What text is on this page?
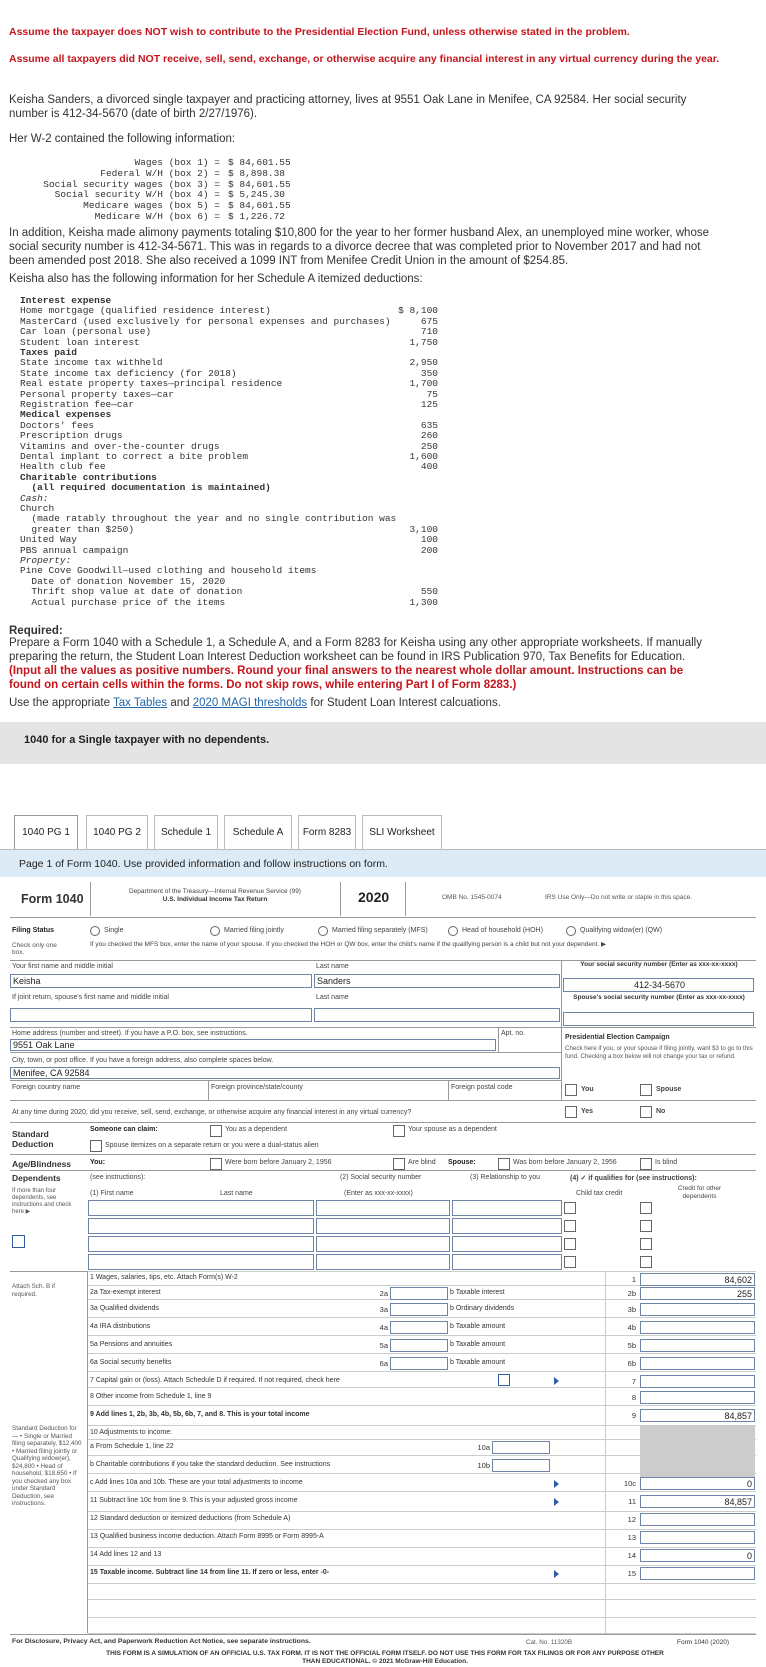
Assume the taxpayer does NOT wish to contribute to the Presidential Election Fund, unless otherwise stated in the problem.
Assume all taxpayers did NOT receive, sell, send, exchange, or otherwise acquire any financial interest in any virtual currency during the year.
Keisha Sanders, a divorced single taxpayer and practicing attorney, lives at 9551 Oak Lane in Menifee, CA 92584. Her social security number is 412-34-5670 (date of birth 2/27/1976).
Her W-2 contained the following information:
Wages (box 1) = $ 84,601.55
Federal W/H (box 2) = $ 8,898.38
Social security wages (box 3) = $ 84,601.55
Social security W/H (box 4) = $ 5,245.30
Medicare wages (box 5) = $ 84,601.55
Medicare W/H (box 6) = $ 1,226.72
In addition, Keisha made alimony payments totaling $10,800 for the year to her former husband Alex, an unemployed mine worker, whose social security number is 412-34-5671. This was in regards to a divorce decree that was completed prior to November 2017 and had not been amended post 2018. She also received a 1099 INT from Menifee Credit Union in the amount of $254.85.
Keisha also has the following information for her Schedule A itemized deductions:
Interest expense
Home mortgage (qualified residence interest)	$ 8,100
MasterCard (used exclusively for personal expenses and purchases)	675
Car loan (personal use)	710
Student loan interest	1,750
Taxes paid
State income tax withheld	2,950
State income tax deficiency (for 2018)	350
Real estate property taxes—principal residence	1,700
Personal property taxes—car	75
Registration fee—car	125
Medical expenses
Doctors' fees	635
Prescription drugs	260
Vitamins and over-the-counter drugs	250
Dental implant to correct a bite problem	1,600
Health club fee	400
Charitable contributions
(all required documentation is maintained)
Cash:
Church
(made ratably throughout the year and no single contribution was
greater than $250)	3,100
United Way	100
PBS annual campaign	200
Property:
Pine Cove Goodwill—used clothing and household items
Date of donation November 15, 2020
Thrift shop value at date of donation	550
Actual purchase price of the items	1,300
Required:
Prepare a Form 1040 with a Schedule 1, a Schedule A, and a Form 8283 for Keisha using any other appropriate worksheets. If manually preparing the return, the Student Loan Interest Deduction worksheet can be found in IRS Publication 970, Tax Benefits for Education. (Input all the values as positive numbers. Round your final answers to the nearest whole dollar amount. Instructions can be found on certain cells within the forms. Do not skip rows, while entering Part I of Form 8283.)
Use the appropriate Tax Tables and 2020 MAGI thresholds for Student Loan Interest calcuations.
1040 for a Single taxpayer with no dependents.
1040 PG 1	1040 PG 2	Schedule 1	Schedule A	Form 8283	SLI Worksheet
Page 1 of Form 1040. Use provided information and follow instructions on form.
Form 1040
Department of the Treasury—Internal Revenue Service (99)
U.S. Individual Income Tax Return	2020	OMB No. 1545-0074	IRS Use Only—Do not write or staple in this space.
Filing Status
Check only one box.
Single	Married filing jointly	Married filing separately (MFS)	Head of household (HOH)	Qualifying widow(er) (QW)
If you checked the MFS box, enter the name of your spouse. If you checked the HOH or QW box, enter the child's name if the qualifying person is a child but not your dependent. ▶
Your first name and middle initial	Last name	Your social security number (Enter as xxx-xx-xxxx)
Keisha	Sanders	412-34-5670
If joint return, spouse's first name and middle initial	Last name	Spouse's social security number (Enter as xxx-xx-xxxx)
Home address (number and street). If you have a P.O. box, see instructions.	Apt. no.
9551 Oak Lane
Presidential Election Campaign
Check here if you, or your spouse if filing jointly, want $3 to go to this fund. Checking a box below will not change your tax or refund.
City, town, or post office. If you have a foreign address, also complete spaces below.
Menifee, CA 92584
Foreign country name	Foreign province/state/county	Foreign postal code	You	Spouse
At any time during 2020, did you receive, sell, send, exchange, or otherwise acquire any financial interest in any virtual currency?	Yes	No
Standard Deduction
Someone can claim:	You as a dependent	Your spouse as a dependent
Spouse itemizes on a separate return or you were a dual-status alien
Age/Blindness	You:	Were born before January 2, 1956	Are blind Spouse:	Was born before January 2, 1956	Is blind
Dependents	(see instructions):
(1) First name	Last name
(2) Social security number
(Enter as xxx-xx-xxxx)
(3) Relationship to you	(4) ✓ if qualifies for (see instructions):
Child tax credit
Credit for other dependents
If more than four dependents, see instructions and check here ▶
Attach Sch. B if required.
Standard Deduction for— • Single or Married filing separately, $12,400 • Married filing jointly or Qualifying widow(er), $24,800 • Head of household, $18,650 • If you checked any box under Standard Deduction, see instructions.
1 Wages, salaries, tips, etc. Attach Form(s) W-2	1	84,602
2a Tax-exempt interest	2a	b Taxable interest	2b	255
3a Qualified dividends	3a	b Ordinary dividends	3b
4a IRA distributions	4a	b Taxable amount	4b
5a Pensions and annuities	5a	b Taxable amount	5b
6a Social security benefits	6a	b Taxable amount	6b
7 Capital gain or (loss). Attach Schedule D if required. If not required, check here	7
8 Other income from Schedule 1, line 9	8
9 Add lines 1, 2b, 3b, 4b, 5b, 6b, 7, and 8. This is your total income	9	84,857
10 Adjustments to income:
a From Schedule 1, line 22	10a
b Charitable contributions if you take the standard deduction. See instructions	10b
c Add lines 10a and 10b. These are your total adjustments to income	10c	0
11 Subtract line 10c from line 9. This is your adjusted gross income	11	84,857
12 Standard deduction or itemized deductions (from Schedule A)	12
13 Qualified business income deduction. Attach Form 8995 or Form 8995-A	13
14 Add lines 12 and 13	14	0
15 Taxable income. Subtract line 14 from line 11. If zero or less, enter -0-	15
For Disclosure, Privacy Act, and Paperwork Reduction Act Notice, see separate instructions.	Cat. No. 11320B	Form 1040 (2020)
THIS FORM IS A SIMULATION OF AN OFFICIAL U.S. TAX FORM. IT IS NOT THE OFFICIAL FORM ITSELF. DO NOT USE THIS FORM FOR TAX FILINGS OR FOR ANY PURPOSE OTHER THAN EDUCATIONAL. © 2021 McGraw-Hill Education.
